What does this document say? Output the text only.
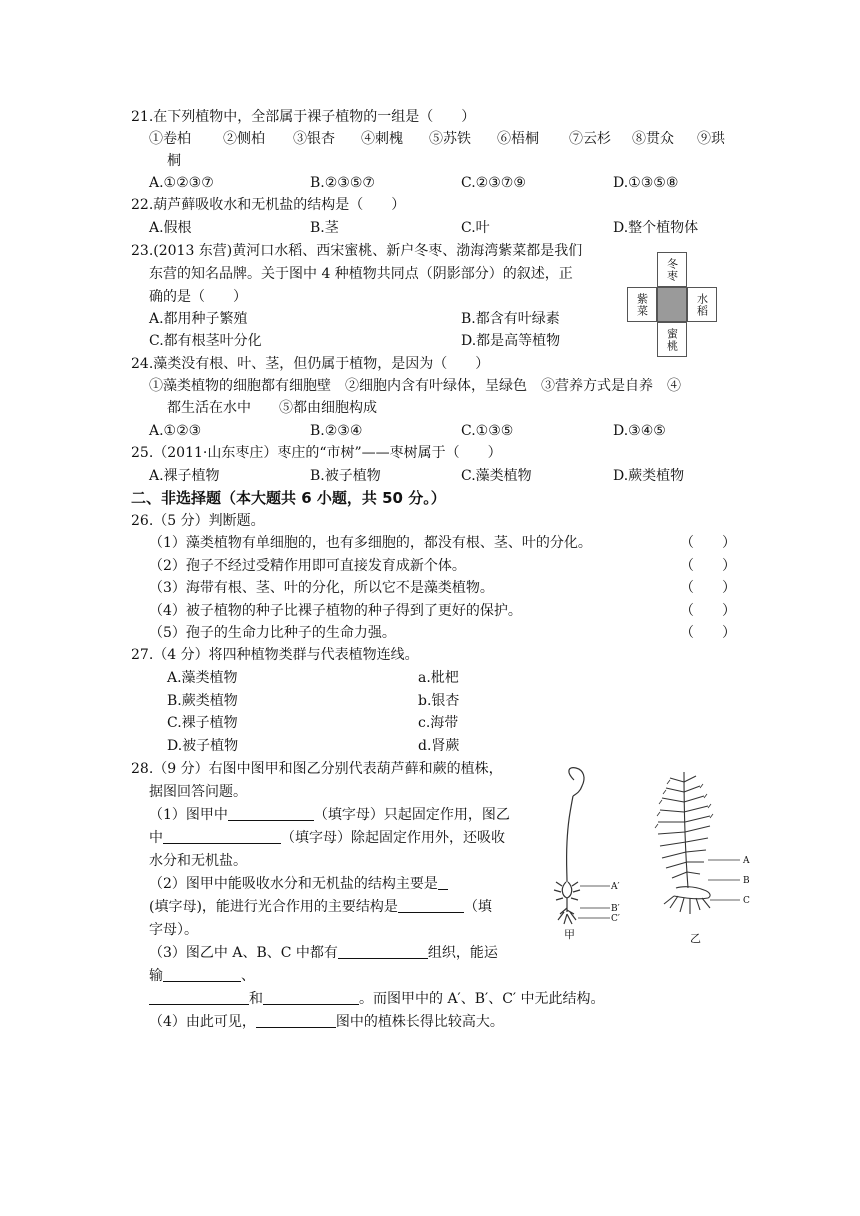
21.在下列植物中，全部属于裸子植物的一组是（　　）
①卷柏 ②侧柏 ③银杏 ④刺槐 ⑤苏铁 ⑥梧桐 ⑦云杉 ⑧贯众 ⑨珙
桐
A.①②③⑦	B.②③⑤⑦	C.②③⑦⑨	D.①③⑤⑧
22.葫芦藓吸收水和无机盐的结构是（　　）
A.假根	B.茎	C.叶	D.整个植物体
23.(2013 东营)黄河口水稻、西宋蜜桃、新户冬枣、渤海湾紫菜都是我们
东营的知名品牌。关于图中 4 种植物共同点（阴影部分）的叙述，正
确的是（　　）
A.都用种子繁殖	B.都含有叶绿素
C.都有根茎叶分化	D.都是高等植物
冬枣
紫菜	水稻
蜜桃
24.藻类没有根、叶、茎，但仍属于植物，是因为（　　）
①藻类植物的细胞都有细胞壁　②细胞内含有叶绿体，呈绿色　③营养方式是自养　④
都生活在水中　　⑤都由细胞构成
A.①②③	B.②③④	C.①③⑤	D.③④⑤
25.（2011·山东枣庄）枣庄的“市树”——枣树属于（　　）
A.裸子植物	B.被子植物	C.藻类植物	D.蕨类植物
二、非选择题（本大题共 6 小题，共 50 分。）
26.（5 分）判断题。
（1）藻类植物有单细胞的，也有多细胞的，都没有根、茎、叶的分化。	（　　）
（2）孢子不经过受精作用即可直接发育成新个体。	（　　）
（3）海带有根、茎、叶的分化，所以它不是藻类植物。	（　　）
（4）被子植物的种子比裸子植物的种子得到了更好的保护。	（　　）
（5）孢子的生命力比种子的生命力强。	（　　）
27.（4 分）将四种植物类群与代表植物连线。
A.藻类植物	a.枇杷
B.蕨类植物	b.银杏
C.裸子植物	c.海带
D.被子植物	d.肾蕨
28.（9 分）右图中图甲和图乙分别代表葫芦藓和蕨的植株，
据图回答问题。
（1）图甲中	（填字母）只起固定作用，图乙
中	（填字母）除起固定作用外，还吸收
水分和无机盐。
（2）图甲中能吸收水分和无机盐的结构主要是
(填字母)，能进行光合作用的主要结构是	（填
字母）。
（3）图乙中 A、B、C 中都有	组织，能运
输	、
和	。而图甲中的 A′、B′、C′ 中无此结构。
（4）由此可见，	图中的植株长得比较高大。
A′
B′
C′
甲
A
B
C
乙
